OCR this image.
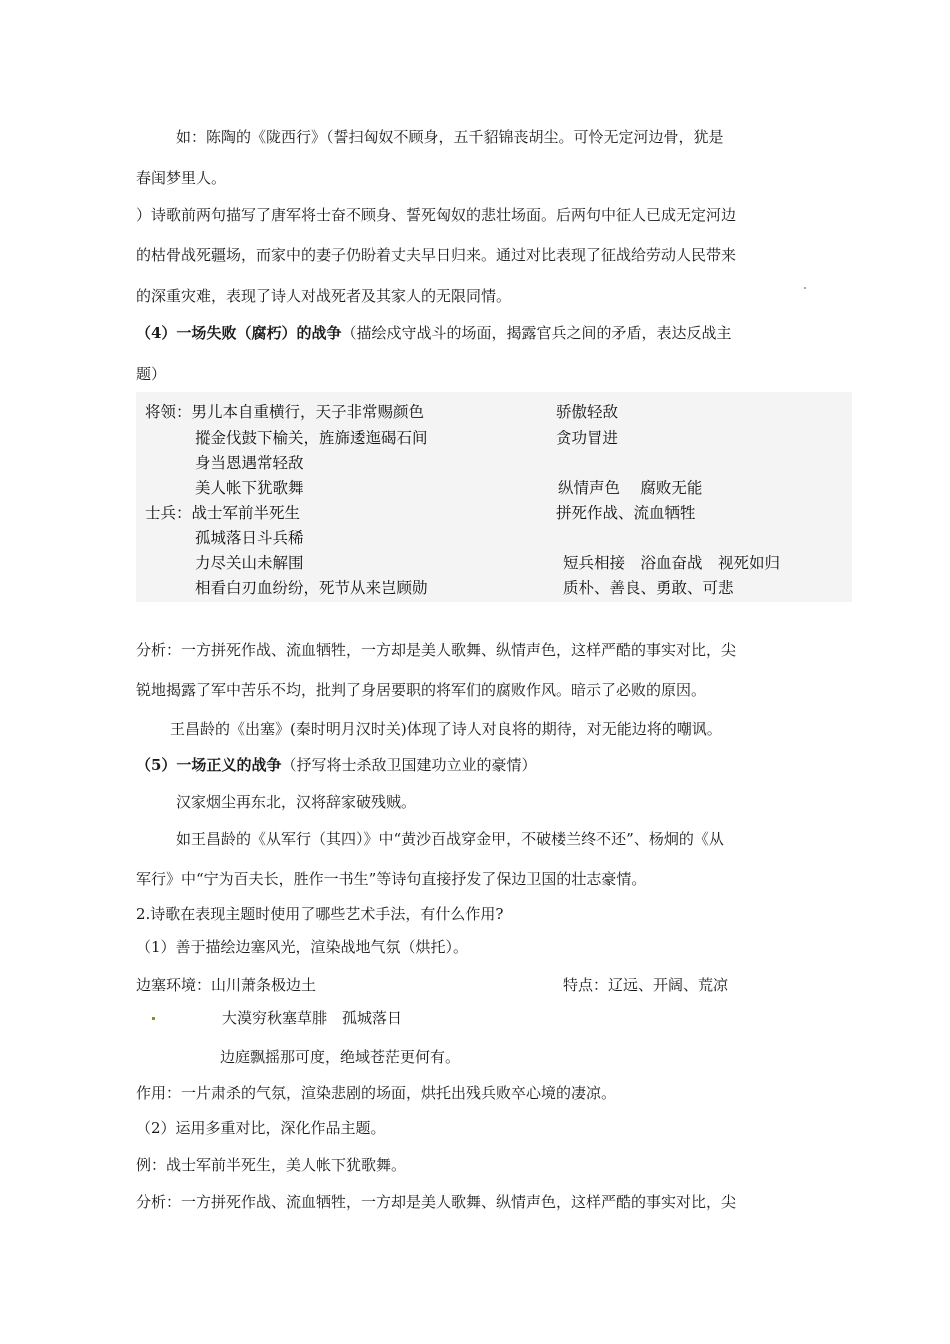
如：陈陶的《陇西行》（誓扫匈奴不顾身，五千貂锦丧胡尘。可怜无定河边骨，犹是
春闺梦里人。
）诗歌前两句描写了唐军将士奋不顾身、誓死匈奴的悲壮场面。后两句中征人已成无定河边
的枯骨战死疆场，而家中的妻子仍盼着丈夫早日归来。通过对比表现了征战给劳动人民带来
的深重灾难，表现了诗人对战死者及其家人的无限同情。
（4）一场失败（腐朽）的战争（描绘戍守战斗的场面，揭露官兵之间的矛盾，表达反战主
题）
将领：男儿本自重横行，天子非常赐颜色
摐金伐鼓下榆关，旌旆逶迤碣石间
身当恩遇常轻敌
美人帐下犹歌舞
士兵：战士军前半死生
孤城落日斗兵稀
力尽关山未解围
相看白刃血纷纷，死节从来岂顾勋
骄傲轻敌
贪功冒进
纵情声色　 腐败无能
拼死作战、流血牺牲
短兵相接　浴血奋战　视死如归
质朴、善良、勇敢、可悲
分析：一方拼死作战、流血牺牲，一方却是美人歌舞、纵情声色，这样严酷的事实对比，尖
锐地揭露了军中苦乐不均，批判了身居要职的将军们的腐败作风。暗示了必败的原因。
王昌龄的《出塞》(秦时明月汉时关)体现了诗人对良将的期待，对无能边将的嘲讽。
（5）一场正义的战争（抒写将士杀敌卫国建功立业的豪情）
汉家烟尘再东北，汉将辞家破残贼。
如王昌龄的《从军行（其四）》中“黄沙百战穿金甲，不破楼兰终不还”、杨炯的《从
军行》中“宁为百夫长，胜作一书生”等诗句直接抒发了保边卫国的壮志豪情。
2.诗歌在表现主题时使用了哪些艺术手法，有什么作用?
（1）善于描绘边塞风光，渲染战地气氛（烘托）。
边塞环境：山川萧条极边土	特点：辽远、开阔、荒凉
大漠穷秋塞草腓　孤城落日
边庭飘摇那可度，绝域苍茫更何有。
作用：一片肃杀的气氛，渲染悲剧的场面，烘托出残兵败卒心境的凄凉。
（2）运用多重对比，深化作品主题。
例：战士军前半死生，美人帐下犹歌舞。
分析：一方拼死作战、流血牺牲，一方却是美人歌舞、纵情声色，这样严酷的事实对比，尖
